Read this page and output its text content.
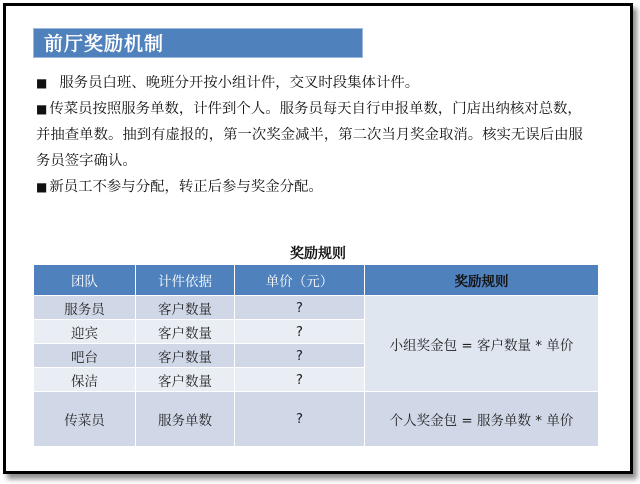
前厅奖励机制

■ 服务员白班、晚班分开按小组计件，交叉时段集体计件。

■ 传菜员按照服务单数，计件到个人。服务员每天自行申报单数，门店出纳核对总数，并抽查单数。抽到有虚报的，第一次奖金减半，第二次当月奖金取消。核实无误后由服务员签字确认。

■ 新员工不参与分配，转正后参与奖金分配。

奖励规则
团队	计件依据	单价（元）	奖励规则
服务员	客户数量	?	小组奖金包 = 客户数量 * 单价
迎宾	客户数量	?	
吧台	客户数量	?	
保洁	客户数量	?	
传菜员	服务单数	?	个人奖金包 = 服务单数 * 单价
